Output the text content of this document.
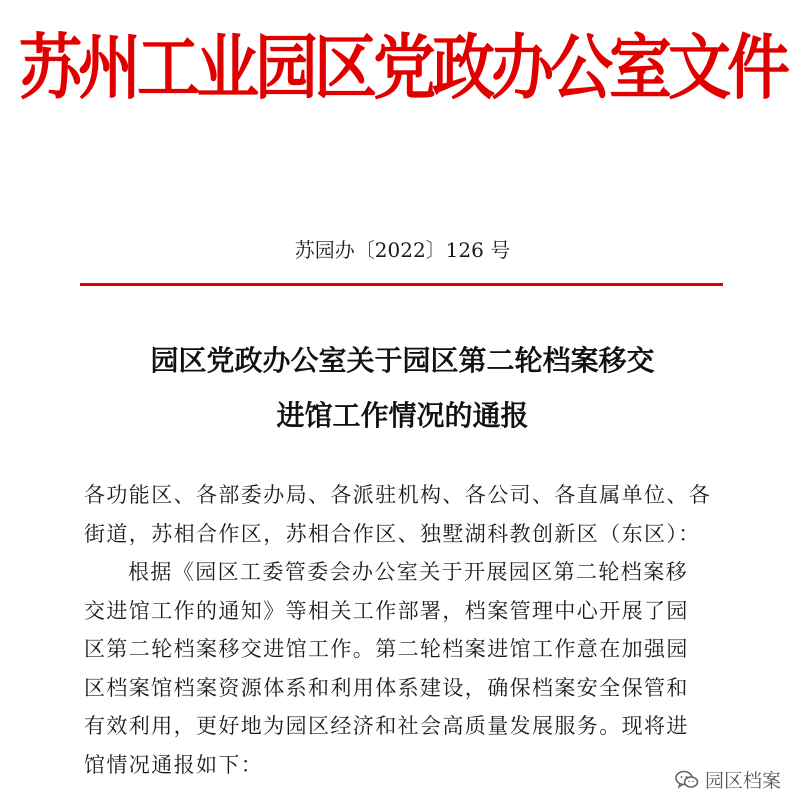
苏州工业园区党政办公室文件
苏园办〔2022〕126 号
园区党政办公室关于园区第二轮档案移交
进馆工作情况的通报
各功能区、各部委办局、各派驻机构、各公司、各直属单位、各
街道，苏相合作区，苏相合作区、独墅湖科教创新区（东区）：
根据《园区工委管委会办公室关于开展园区第二轮档案移
交进馆工作的通知》等相关工作部署，档案管理中心开展了园
区第二轮档案移交进馆工作。第二轮档案进馆工作意在加强园
区档案馆档案资源体系和利用体系建设，确保档案安全保管和
有效利用，更好地为园区经济和社会高质量发展服务。现将进
馆情况通报如下：
园区档案
